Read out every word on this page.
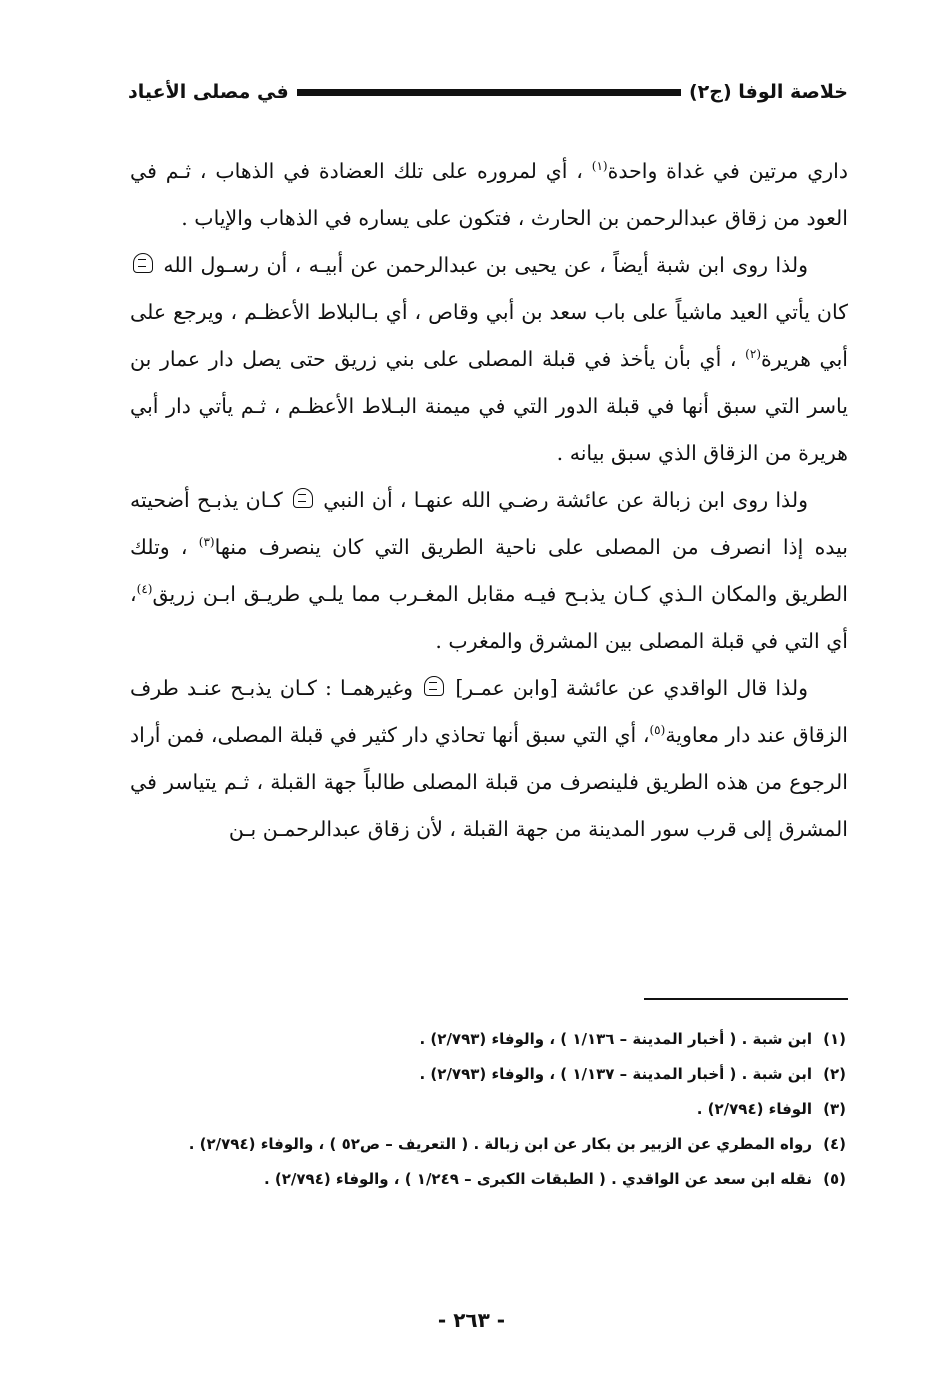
خلاصة الوفا (ج٢)
في مصلى الأعياد

داري مرتين في غداة واحدة$^{(١)}$ ، أي لمروره على تلك العضادة في الذهاب ، ثـم في العود من زقاق عبدالرحمن بن الحارث ، فتكون على يساره في الذهاب والإياب .

ولذا روى ابن شبة أيضاً ، عن يحيى بن عبدالرحمن عن أبيـه ، أن رسـول الله  كان يأتي العيد ماشياً على باب سعد بن أبي وقاص ، أي بـالبلاط الأعظـم ، ويرجع على أبي هريرة$^{(٢)}$ ، أي بأن يأخذ في قبلة المصلى على بني زريق حتى يصل دار عمار بن ياسر التي سبق أنها في قبلة الدور التي في ميمنة البـلاط الأعظـم ، ثـم يأتي دار أبي هريرة من الزقاق الذي سبق بيانه .

ولذا روى ابن زبالة عن عائشة رضـي الله عنهـا ، أن النبي  كـان يذبـح أضحيته بيده إذا انصرف من المصلى على ناحية الطريق التي كان ينصرف منها$^{(٣)}$ ، وتلك الطريق والمكان الـذي كـان يذبـح فيـه مقابل المغـرب مما يلـي طريـق ابـن زريق$^{(٤)}$، أي التي في قبلة المصلى بين المشرق والمغرب .

ولذا قال الواقدي عن عائشة [وابن عمـر]  وغيرهمـا : كـان يذبـح عنـد طرف الزقاق عند دار معاوية$^{(٥)}$، أي التي سبق أنها تحاذي دار كثير في قبلة المصلى، فمن أراد الرجوع من هذه الطريق فلينصرف من قبلة المصلى طالباً جهة القبلة ، ثـم يتياسر في المشرق إلى قرب سور المدينة من جهة القبلة ، لأن زقاق عبدالرحمـن بـن

(١)ابن شبة . ( أخبار المدينة – ١/١٣٦ ) ، والوفاء (٢/٧٩٣) .
(٢)ابن شبة . ( أخبار المدينة – ١/١٣٧ ) ، والوفاء (٢/٧٩٣) .
(٣)الوفاء (٢/٧٩٤) .
(٤)رواه المطري عن الزبير بن بكار عن ابن زبالة . ( التعريف – ص٥٢ ) ، والوفاء (٢/٧٩٤) .
(٥)نقله ابن سعد عن الواقدي . ( الطبقات الكبرى – ١/٢٤٩ ) ، والوفاء (٢/٧٩٤) .
- ٢٦٣ -
